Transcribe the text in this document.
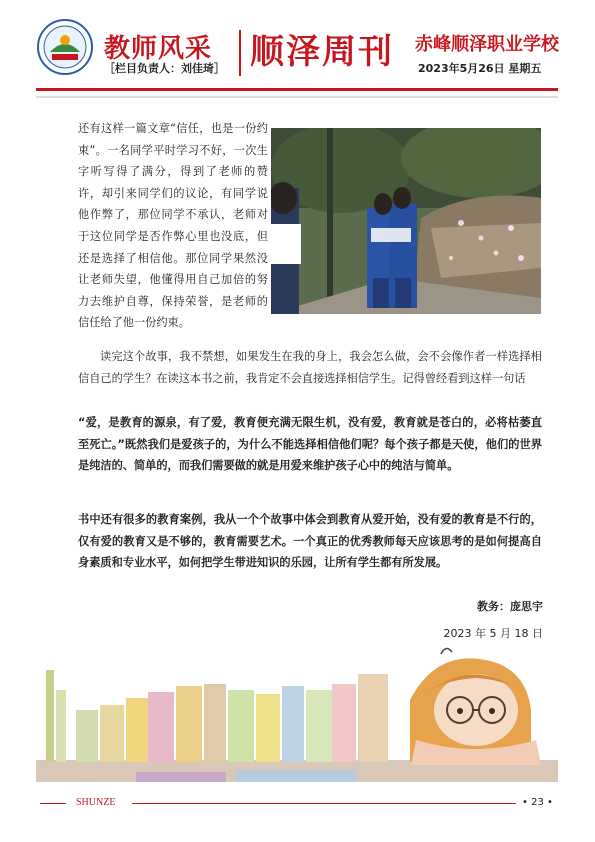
教师风采
［栏目负责人：刘佳琦］ 顺泽周刊 赤峰顺泽职业学校
2023年5月26日 星期五

还有这样一篇文章“信任，也是一份约束”。一名同学平时学习不好，一次生字听写得了满分，得到了老师的赞许，却引来同学们的议论，有同学说他作弊了，那位同学不承认，老师对于这位同学是否作弊心里也没底，但还是选择了相信他。那位同学果然没让老师失望，他懂得用自己加倍的努力去维护自尊，保持荣誉，是老师的信任给了他一份约束。

读完这个故事，我不禁想，如果发生在我的身上，我会怎么做，会不会像作者一样选择相信自己的学生？在读这本书之前，我肯定不会直接选择相信学生。记得曾经看到这样一句话

“爱，是教育的源泉，有了爱，教育便充满无限生机，没有爱，教育就是苍白的，必将枯萎直至死亡。”既然我们是爱孩子的，为什么不能选择相信他们呢？每个孩子都是天使，他们的世界是纯洁的、简单的，而我们需要做的就是用爱来维护孩子心中的纯洁与简单。

书中还有很多的教育案例，我从一个个故事中体会到教育从爱开始，没有爱的教育是不行的，仅有爱的教育又是不够的，教育需要艺术。一个真正的优秀教师每天应该思考的是如何提高自身素质和专业水平，如何把学生带进知识的乐园，让所有学生都有所发展。

教务：庞思宇
2023 年 5 月 18 日
SHUNZE	• 23 •
